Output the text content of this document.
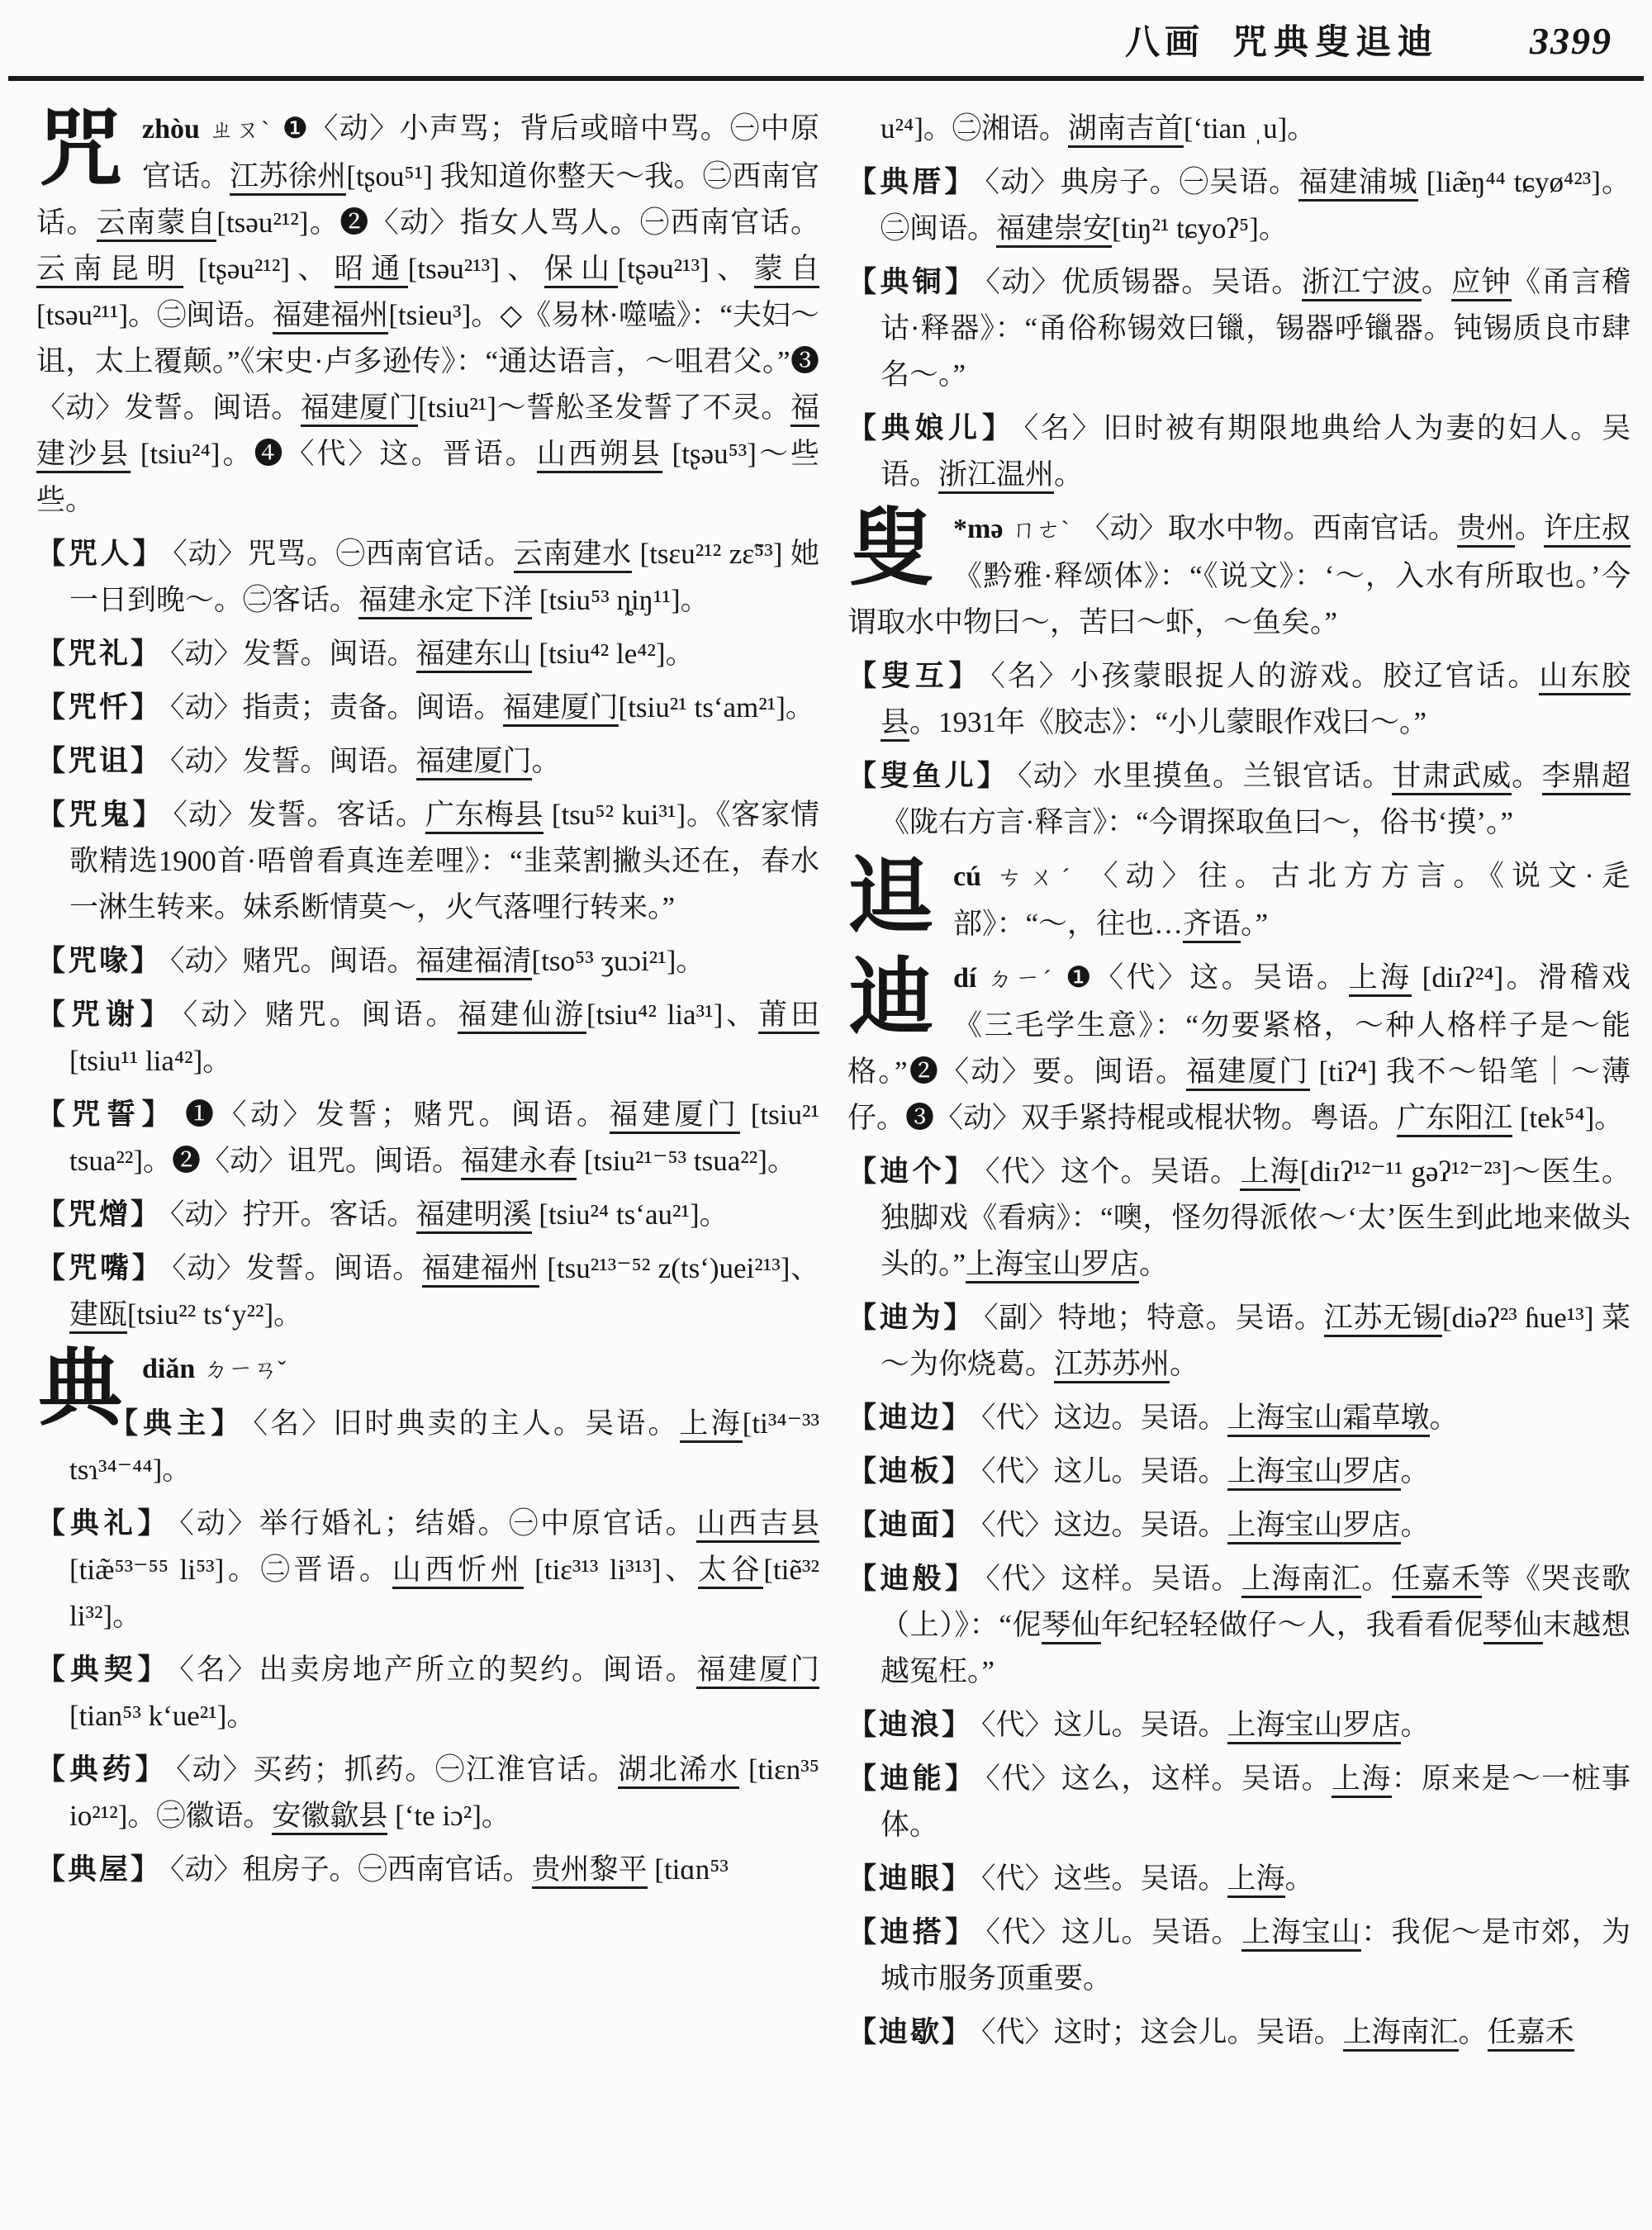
八画 咒典叟䢐迪 3399

咒zhòu ㄓㄡˋ ❶〈动〉小声骂；背后或暗中骂。㊀中原官话。江苏徐州[tʂou⁵¹] 我知道你整天～我。㊁西南官话。云南蒙自[tsəu²¹²]。❷〈动〉指女人骂人。㊀西南官话。云南昆明 [tʂəu²¹²]、昭通[tsəu²¹³]、保山[tʂəu²¹³]、蒙自 [tsəu²¹¹]。㊁闽语。福建福州[tsieu³]。◇《易林·噬嗑》：“夫妇～诅，太上覆颠。”《宋史·卢多逊传》：“通达语言，～咀君父。”❸〈动〉发誓。闽语。福建厦门[tsiu²¹]～誓舩圣发誓了不灵。福建沙县 [tsiu²⁴]。❹〈代〉这。晋语。山西朔县 [tʂəu⁵³]～些些。

【咒人】 〈动〉咒骂。㊀西南官话。云南建水 [tsɛu²¹² zɛ̃⁵³] 她一日到晚～。㊁客话。福建永定下洋 [tsiu⁵³ ȵiŋ¹¹]。

【咒礼】 〈动〉发誓。闽语。福建东山 [tsiu⁴² le⁴²]。

【咒忏】 〈动〉指责；责备。闽语。福建厦门[tsiu²¹ ts‘am²¹]。

【咒诅】 〈动〉发誓。闽语。福建厦门。

【咒鬼】 〈动〉发誓。客话。广东梅县 [tsu⁵² kui³¹]。《客家情歌精选1900首·唔曾看真连差哩》：“韭菜割撇头还在，春水一淋生转来。妹系断情莫～，火气落哩行转来。”

【咒喙】 〈动〉赌咒。闽语。福建福清[tso⁵³ ʒuɔi²¹]。

【咒谢】 〈动〉赌咒。闽语。福建仙游[tsiu⁴² lia³¹]、莆田 [tsiu¹¹ lia⁴²]。

【咒誓】 ❶〈动〉发誓；赌咒。闽语。福建厦门 [tsiu²¹ tsua²²]。❷〈动〉诅咒。闽语。福建永春 [tsiu²¹⁻⁵³ tsua²²]。

【咒熷】 〈动〉拧开。客话。福建明溪 [tsiu²⁴ ts‘au²¹]。

【咒嘴】 〈动〉发誓。闽语。福建福州 [tsu²¹³⁻⁵² z(ts‘)uei²¹³]、建瓯[tsiu²² ts‘y²²]。

典diǎn ㄉㄧㄢˇ

【典主】 〈名〉旧时典卖的主人。吴语。上海[ti³⁴⁻³³ tsɿ³⁴⁻⁴⁴]。

【典礼】 〈动〉举行婚礼；结婚。㊀中原官话。山西吉县 [tiæ̃⁵³⁻⁵⁵ li⁵³]。㊁晋语。山西忻州 [tiɛ³¹³ li³¹³]、太谷[tiẽ³² li³²]。

【典契】 〈名〉出卖房地产所立的契约。闽语。福建厦门 [tian⁵³ k‘ue²¹]。

【典药】 〈动〉买药；抓药。㊀江淮官话。湖北浠水 [tiɛn³⁵ io²¹²]。㊁徽语。安徽歙县 [ʻte iɔ²]。

【典屋】 〈动〉租房子。㊀西南官话。贵州黎平 [tiɑn⁵³

u²⁴]。㊁湘语。湖南吉首[ʻtian ˌu]。

【典厝】 〈动〉典房子。㊀吴语。福建浦城 [liæ̃ŋ⁴⁴ tɕyø⁴²³]。㊁闽语。福建崇安[tiŋ²¹ tɕyoʔ⁵]。

【典铜】 〈动〉优质锡器。吴语。浙江宁波。应钟《甬言稽诂·释器》：“甬俗称锡效曰镴，锡器呼镴器。钝锡质良市肆名～。”

【典娘儿】 〈名〉旧时被有期限地典给人为妻的妇人。吴语。浙江温州。

叟 *mə ㄇㄜˋ 〈动〉取水中物。西南官话。贵州。许庄叔《黔雅·释颂体》：“《说文》：‘～，入水有所取也。’今谓取水中物曰～，苦曰～虾，～鱼矣。”

【叟互】 〈名〉小孩蒙眼捉人的游戏。胶辽官话。山东胶县。1931年《胶志》：“小儿蒙眼作戏曰～。”

【叟鱼儿】 〈动〉水里摸鱼。兰银官话。甘肃武威。李鼎超《陇右方言·释言》：“今谓探取鱼曰～，俗书‘摸’。”

䢐cú ㄘㄨˊ 〈动〉往。古北方方言。《说文·辵部》：“～，往也…齐语。”

迪dí ㄉㄧˊ ❶〈代〉这。吴语。上海 [diɪʔ²⁴]。滑稽戏《三毛学生意》：“勿要紧格，～种人格样子是～能格。”❷〈动〉要。闽语。福建厦门 [tiʔ⁴] 我不～铅笔｜～薄仔。❸〈动〉双手紧持棍或棍状物。粤语。广东阳江 [tek⁵⁴]。

【迪个】 〈代〉这个。吴语。上海[diɪʔ¹²⁻¹¹ gəʔ¹²⁻²³]～医生。独脚戏《看病》：“噢，怪勿得派侬～‘太’医生到此地来做头头的。”上海宝山罗店。

【迪为】 〈副〉特地；特意。吴语。江苏无锡[diəʔ²³ ɦue¹³] 菜～为你烧葛。江苏苏州。

【迪边】 〈代〉这边。吴语。上海宝山霜草墩。

【迪板】 〈代〉这儿。吴语。上海宝山罗店。

【迪面】 〈代〉这边。吴语。上海宝山罗店。

【迪般】 〈代〉这样。吴语。上海南汇。任嘉禾等《哭丧歌（上）》：“伲琴仙年纪轻轻做仔～人，我看看伲琴仙末越想越冤枉。”

【迪浪】 〈代〉这儿。吴语。上海宝山罗店。

【迪能】 〈代〉这么，这样。吴语。上海：原来是～一桩事体。

【迪眼】 〈代〉这些。吴语。上海。

【迪搭】 〈代〉这儿。吴语。上海宝山：我伲～是市郊，为城市服务顶重要。

【迪歇】 〈代〉这时；这会儿。吴语。上海南汇。任嘉禾
